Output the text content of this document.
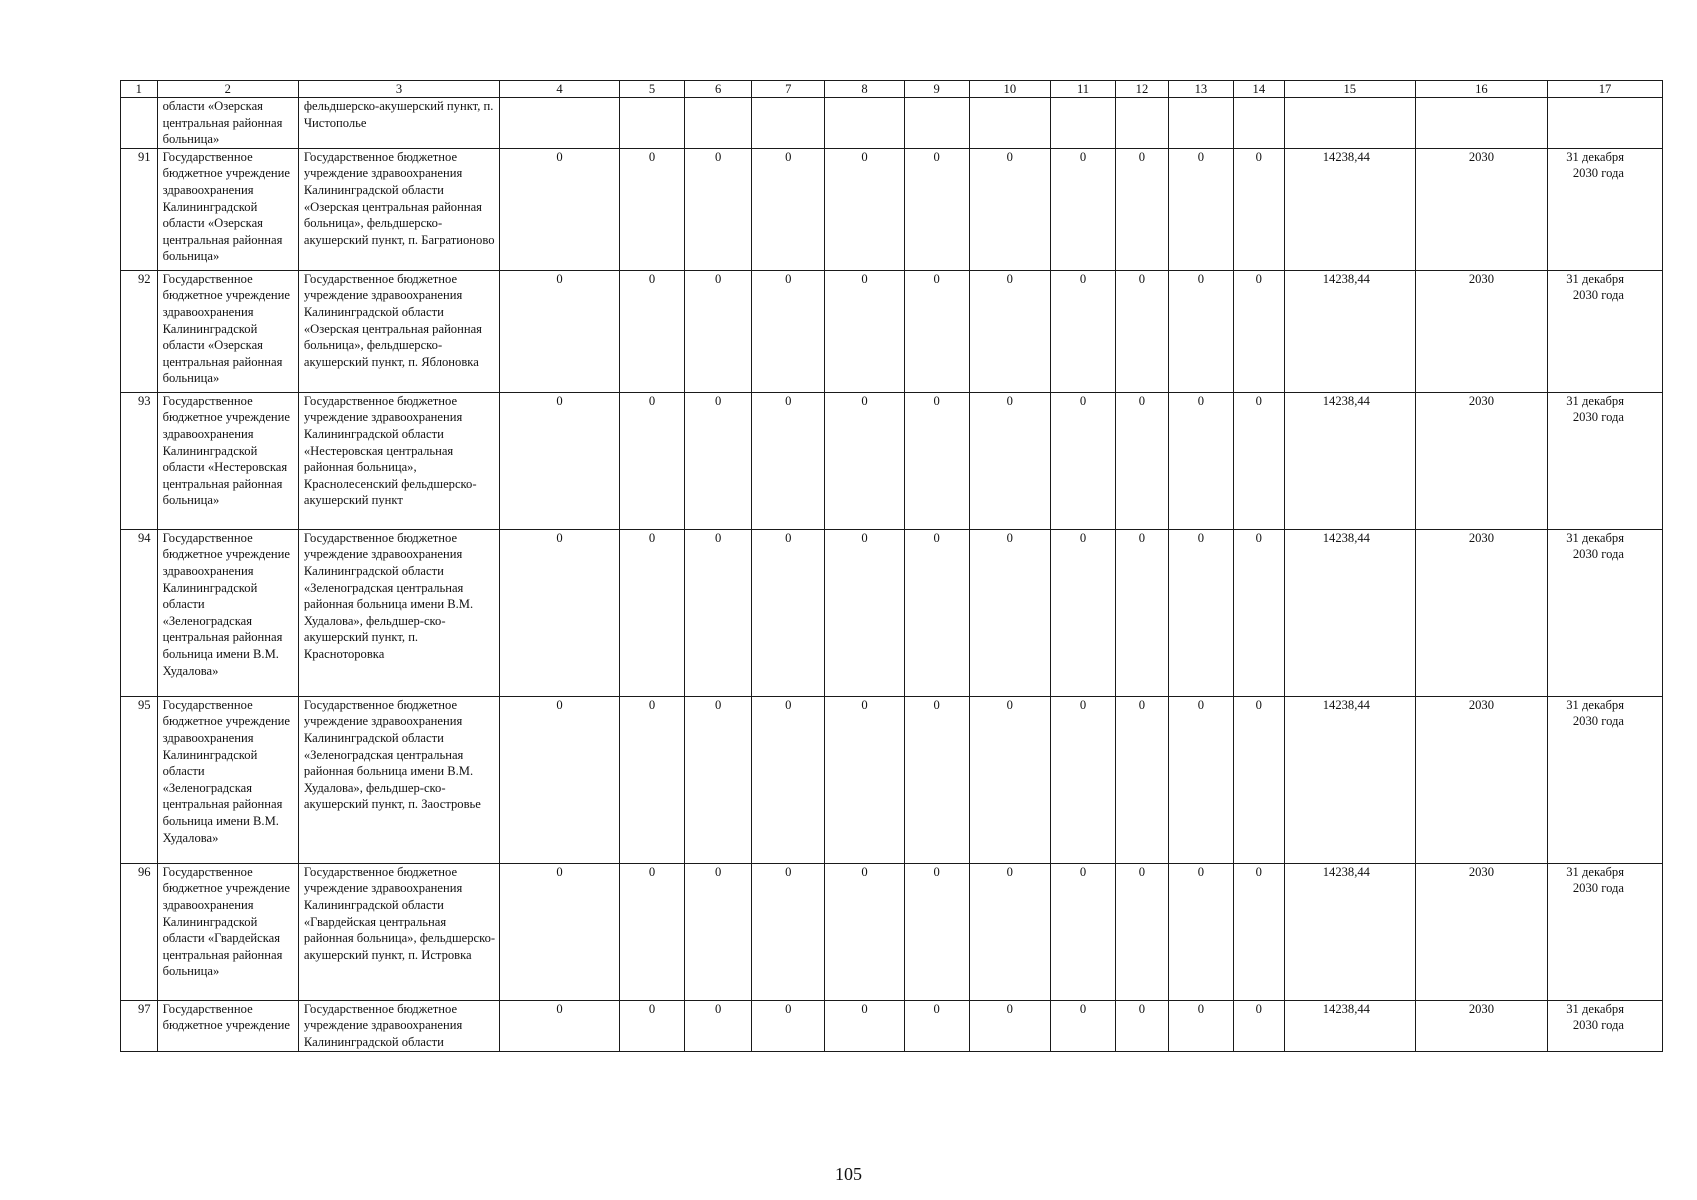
1	2	3	4	5	6	7	8	9	10	11	12	13	14	15	16	17
	области «Озерская центральная районная больница»	фельдшерско-акушерский пункт, п. Чистополье														
91	Государственное бюджетное учреждение здравоохранения Калининградской области «Озерская центральная районная больница»	Государственное бюджетное учреждение здравоохранения Калининградской области «Озерская центральная районная больница», фельдшерско-акушерский пункт, п. Багратионово	0	0	0	0	0	0	0	0	0	0	0	14238,44	2030	31 декабря 2030 года
92	Государственное бюджетное учреждение здравоохранения Калининградской области «Озерская центральная районная больница»	Государственное бюджетное учреждение здравоохранения Калининградской области «Озерская центральная районная больница», фельдшерско-акушерский пункт, п. Яблоновка	0	0	0	0	0	0	0	0	0	0	0	14238,44	2030	31 декабря 2030 года
93	Государственное бюджетное учреждение здравоохранения Калининградской области «Нестеровская центральная районная больница»	Государственное бюджетное учреждение здравоохранения Калининградской области «Нестеровская центральная районная больница», Краснолесенский фельдшерско-акушерский пункт	0	0	0	0	0	0	0	0	0	0	0	14238,44	2030	31 декабря 2030 года
94	Государственное бюджетное учреждение здравоохранения Калининградской области «Зеленоградская центральная районная больница имени В.М. Худалова»	Государственное бюджетное учреждение здравоохранения Калининградской области «Зеленоградская центральная районная больница имени В.М. Худалова», фельдшер-ско-акушерский пункт, п. Красноторовка	0	0	0	0	0	0	0	0	0	0	0	14238,44	2030	31 декабря 2030 года
95	Государственное бюджетное учреждение здравоохранения Калининградской области «Зеленоградская центральная районная больница имени В.М. Худалова»	Государственное бюджетное учреждение здравоохранения Калининградской области «Зеленоградская центральная районная больница имени В.М. Худалова», фельдшер-ско-акушерский пункт, п. Заостровье	0	0	0	0	0	0	0	0	0	0	0	14238,44	2030	31 декабря 2030 года
96	Государственное бюджетное учреждение здравоохранения Калининградской области «Гвардейская центральная районная больница»	Государственное бюджетное учреждение здравоохранения Калининградской области «Гвардейская центральная районная больница», фельдшерско-акушерский пункт, п. Истровка	0	0	0	0	0	0	0	0	0	0	0	14238,44	2030	31 декабря 2030 года
97	Государственное бюджетное учреждение	Государственное бюджетное учреждение здравоохранения Калининградской области	0	0	0	0	0	0	0	0	0	0	0	14238,44	2030	31 декабря 2030 года
105
